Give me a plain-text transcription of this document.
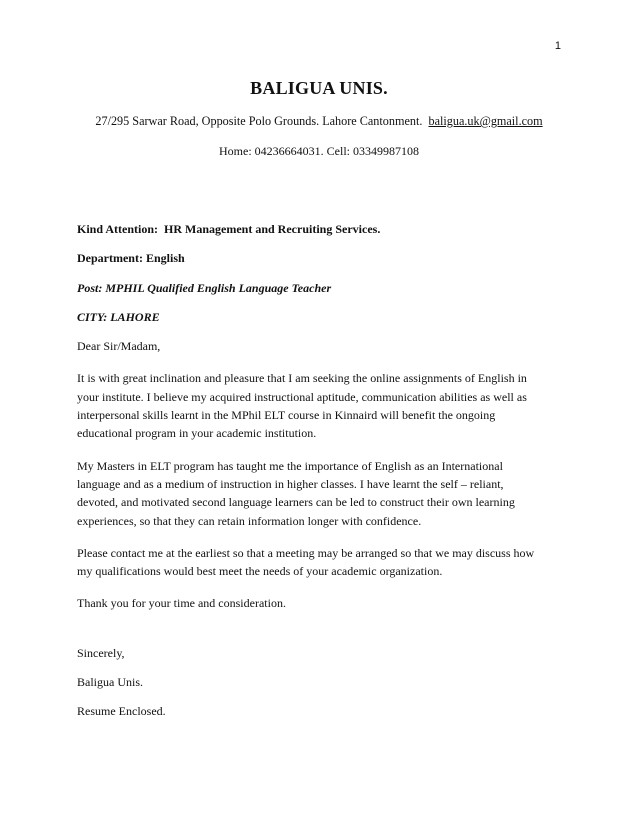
1
BALIGUA UNIS.
27/295 Sarwar Road, Opposite Polo Grounds. Lahore Cantonment. baligua.uk@gmail.com
Home: 04236664031. Cell: 03349987108

Kind Attention: HR Management and Recruiting Services.

Department: English

Post: MPHIL Qualified English Language Teacher

CITY: LAHORE

Dear Sir/Madam,

It is with great inclination and pleasure that I am seeking the online assignments of English in
your institute. I believe my acquired instructional aptitude, communication abilities as well as
interpersonal skills learnt in the MPhil ELT course in Kinnaird will benefit the ongoing
educational program in your academic institution.
My Masters in ELT program has taught me the importance of English as an International
language and as a medium of instruction in higher classes. I have learnt the self – reliant,
devoted, and motivated second language learners can be led to construct their own learning
experiences, so that they can retain information longer with confidence.
Please contact me at the earliest so that a meeting may be arranged so that we may discuss how
my qualifications would best meet the needs of your academic organization.

Thank you for your time and consideration.

Sincerely,

Baligua Unis.

Resume Enclosed.
